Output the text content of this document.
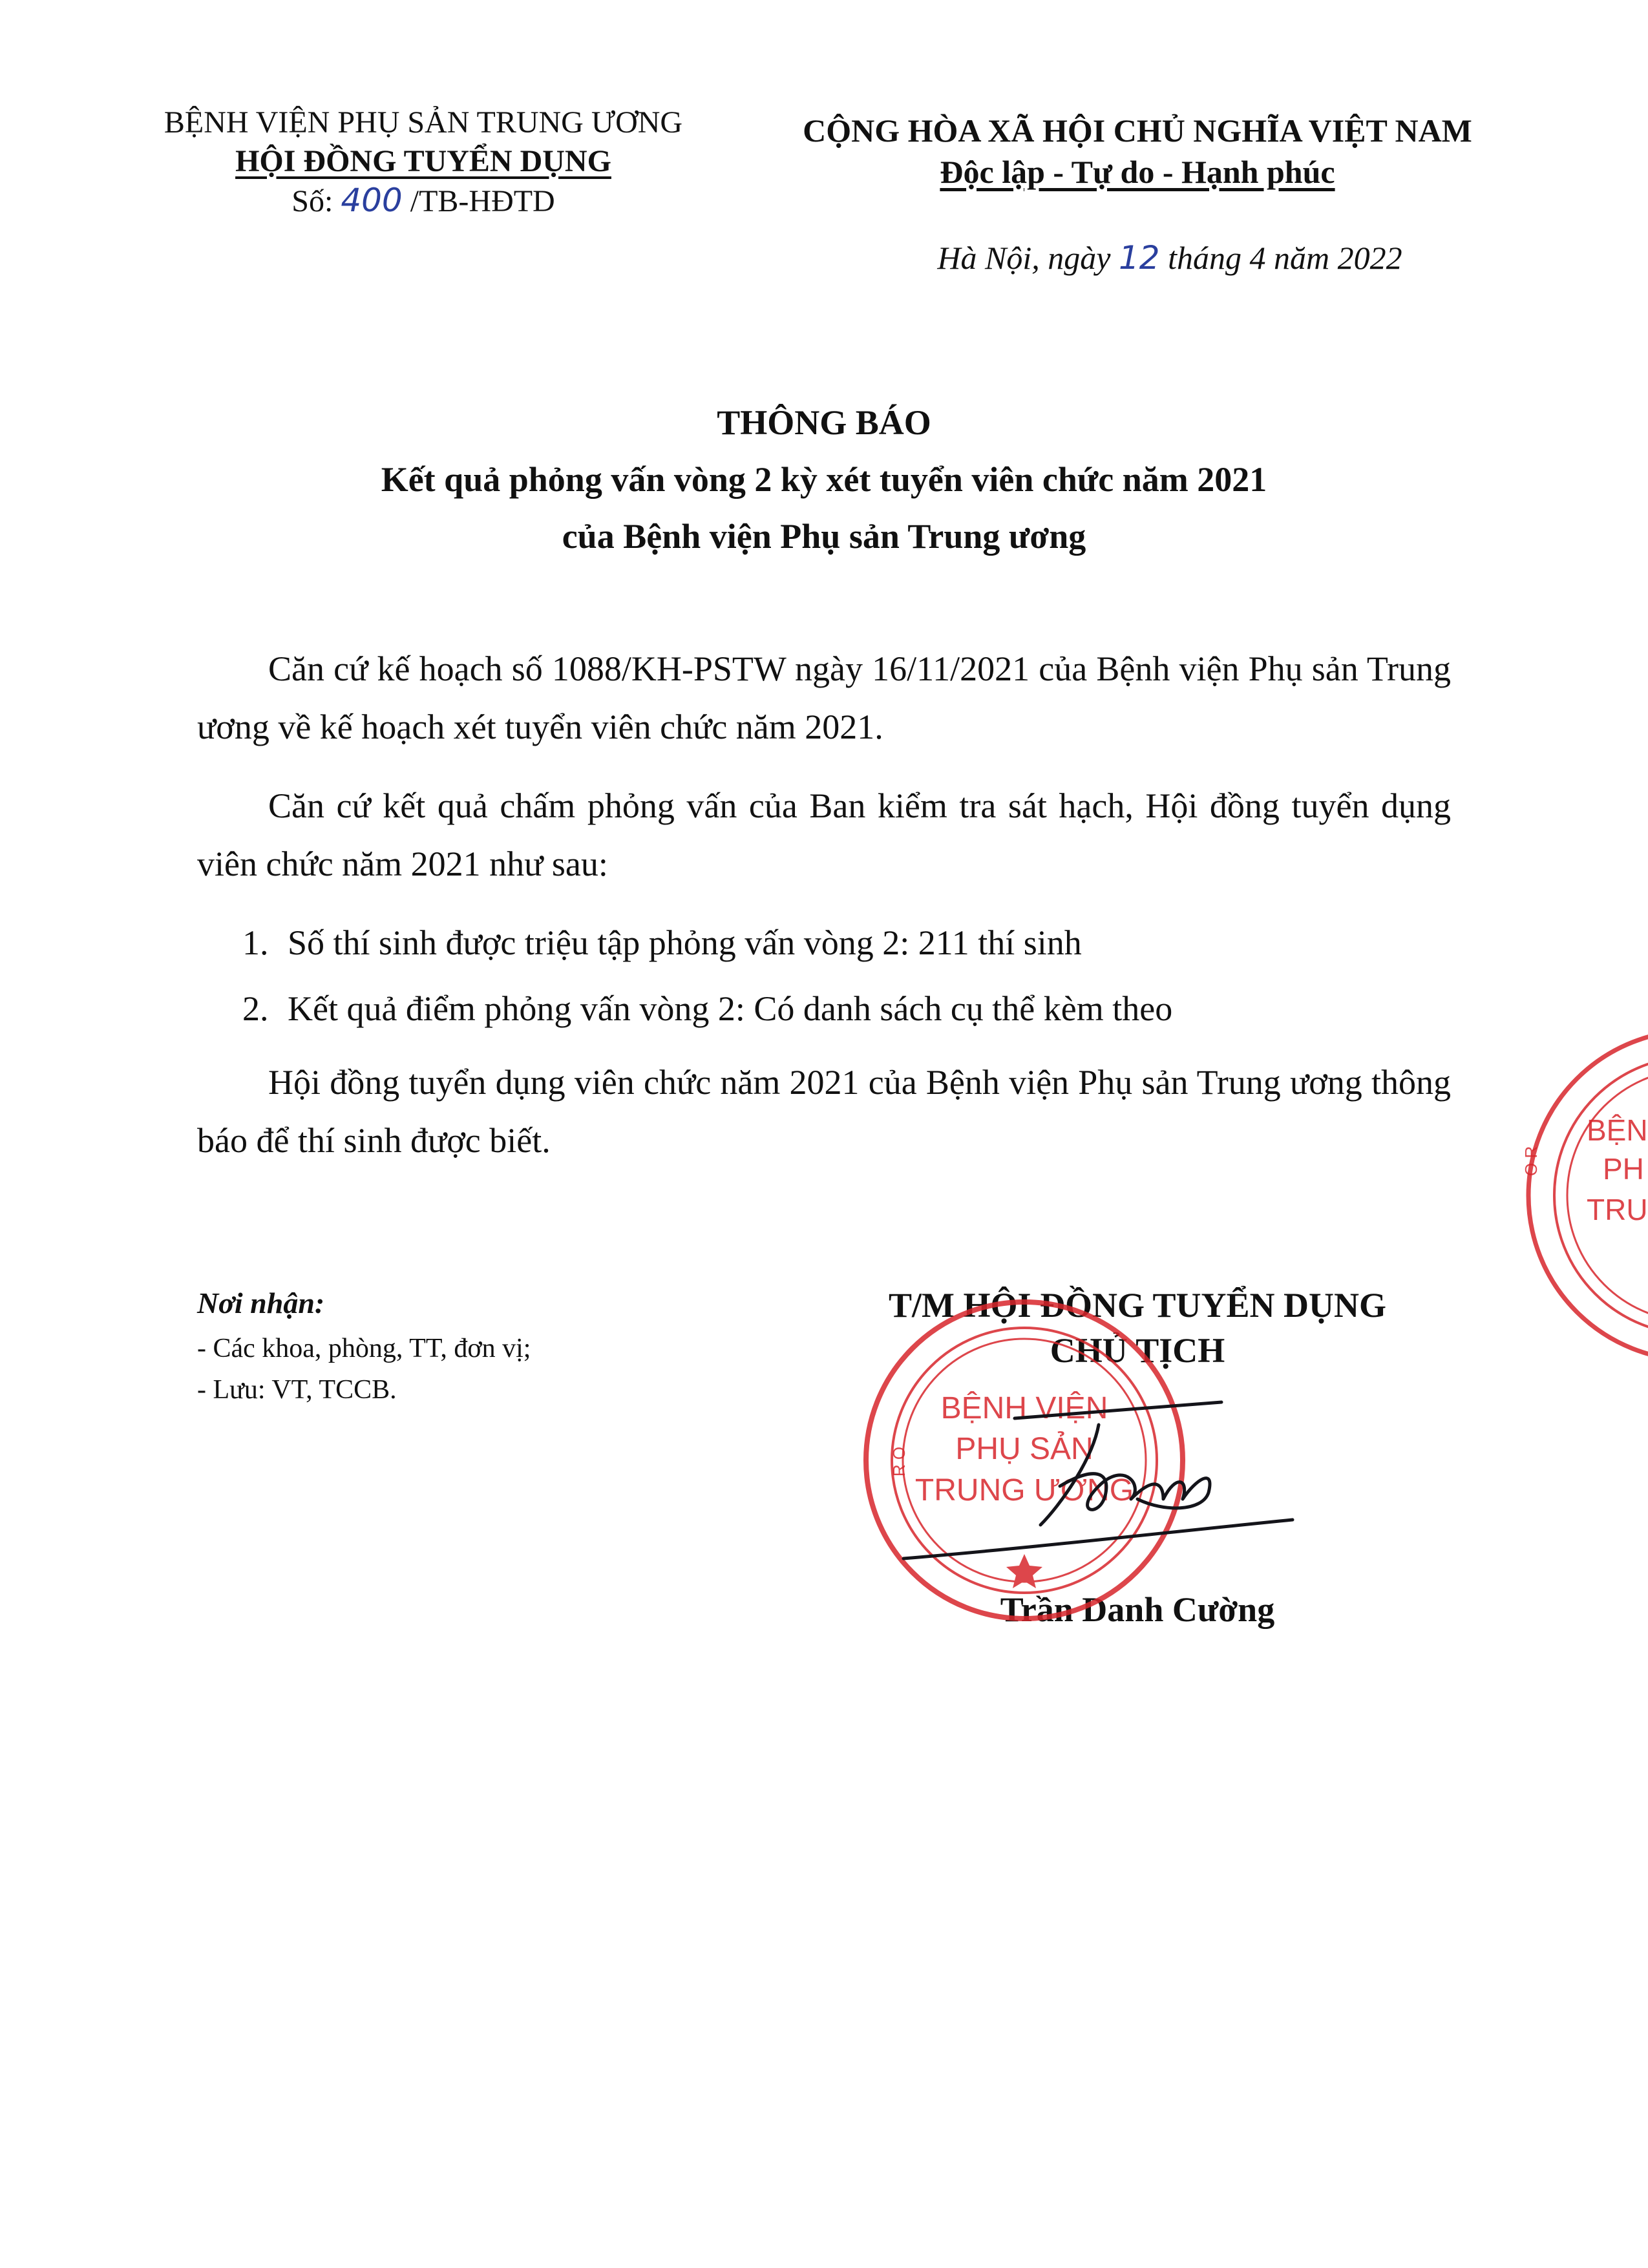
BỆNH VIỆN PHỤ SẢN TRUNG ƯƠNG
HỘI ĐỒNG TUYỂN DỤNG
Số: 400 /TB-HĐTD
CỘNG HÒA XÃ HỘI CHỦ NGHĨA VIỆT NAM
Độc lập - Tự do - Hạnh phúc
Hà Nội, ngày 12 tháng 4 năm 2022
THÔNG BÁO
Kết quả phỏng vấn vòng 2 kỳ xét tuyển viên chức năm 2021
của Bệnh viện Phụ sản Trung ương

Căn cứ kế hoạch số 1088/KH-PSTW ngày 16/11/2021 của Bệnh viện Phụ sản Trung ương về kế hoạch xét tuyển viên chức năm 2021.

Căn cứ kết quả chấm phỏng vấn của Ban kiểm tra sát hạch, Hội đồng tuyển dụng viên chức năm 2021 như sau:

1. Số thí sinh được triệu tập phỏng vấn vòng 2: 211 thí sinh
2. Kết quả điểm phỏng vấn vòng 2: Có danh sách cụ thể kèm theo

Hội đồng tuyển dụng viên chức năm 2021 của Bệnh viện Phụ sản Trung ương thông báo để thí sinh được biết.

Nơi nhận:
- Các khoa, phòng, TT, đơn vị;
- Lưu: VT, TCCB.
T/M HỘI ĐỒNG TUYỂN DỤNG
CHỦ TỊCH
Trần Danh Cường
BỆN
PH
TRU
O R
BỆNH VIỆN
PHỤ SẢN
TRUNG ƯƠNG
R O
